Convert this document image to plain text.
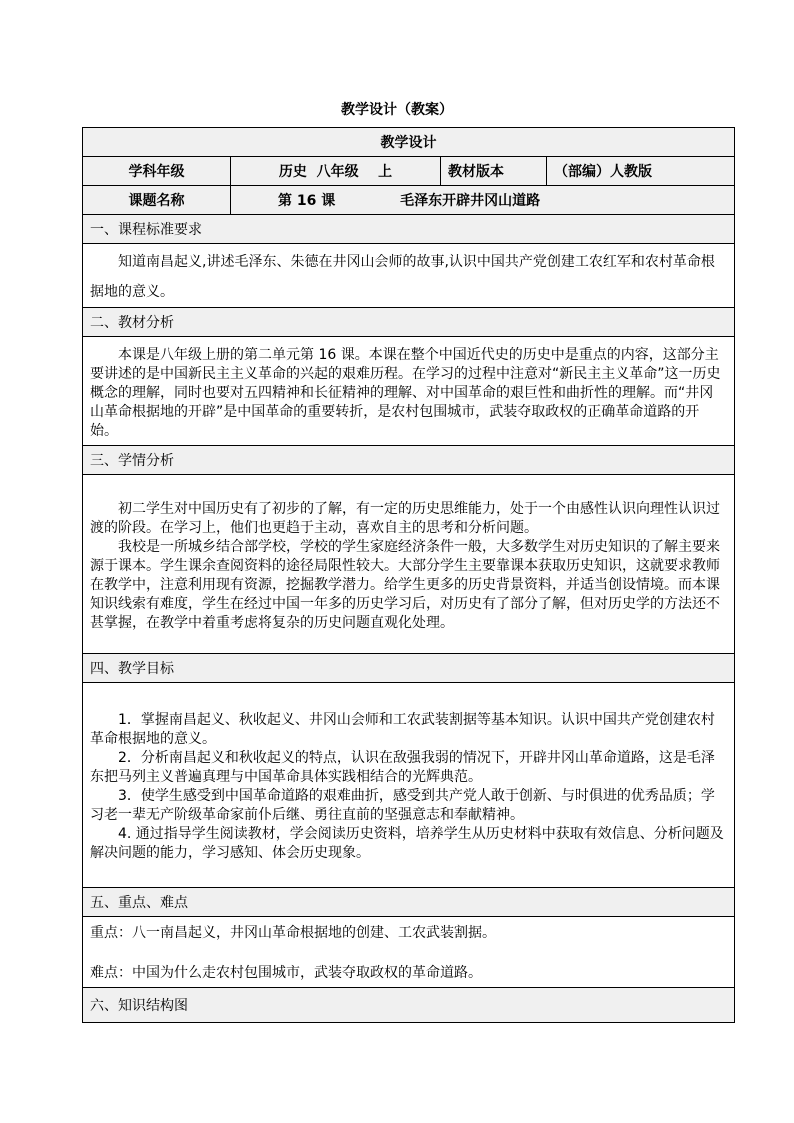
教学设计（教案）
教学设计			
学科年级	历史  八年级    上	教材版本	（部编）人教版
课题名称	第 16 课 毛泽东开辟井冈山道路		
一、课程标准要求			

知道南昌起义,讲述毛泽东、朱德在井冈山会师的故事,认识中国共产党创建工农红军和农村革命根据地的意义。			

二、教材分析			

本课是八年级上册的第二单元第 16 课。本课在整个中国近代史的历史中是重点的内容，这部分主要讲述的是中国新民主主义革命的兴起的艰难历程。在学习的过程中注意对“新民主主义革命”这一历史概念的理解，同时也要对五四精神和长征精神的理解、对中国革命的艰巨性和曲折性的理解。而“井冈山革命根据地的开辟”是中国革命的重要转折，是农村包围城市，武装夺取政权的正确革命道路的开始。			

三、学情分析			

初二学生对中国历史有了初步的了解，有一定的历史思维能力，处于一个由感性认识向理性认识过渡的阶段。在学习上，他们也更趋于主动，喜欢自主的思考和分析问题。

我校是一所城乡结合部学校，学校的学生家庭经济条件一般，大多数学生对历史知识的了解主要来源于课本。学生课余查阅资料的途径局限性较大。大部分学生主要靠课本获取历史知识，这就要求教师在教学中，注意利用现有资源，挖掘教学潜力。给学生更多的历史背景资料，并适当创设情境。而本课知识线索有难度，学生在经过中国一年多的历史学习后，对历史有了部分了解，但对历史学的方法还不甚掌握，在教学中着重考虑将复杂的历史问题直观化处理。			

四、教学目标			

1．掌握南昌起义、秋收起义、井冈山会师和工农武装割据等基本知识。认识中国共产党创建农村革命根据地的意义。

2．分析南昌起义和秋收起义的特点，认识在敌强我弱的情况下，开辟井冈山革命道路，这是毛泽东把马列主义普遍真理与中国革命具体实践相结合的光辉典范。

3．使学生感受到中国革命道路的艰难曲折，感受到共产党人敢于创新、与时俱进的优秀品质；学习老一辈无产阶级革命家前仆后继、勇往直前的坚强意志和奉献精神。

4. 通过指导学生阅读教材，学会阅读历史资料，培养学生从历史材料中获取有效信息、分析问题及解决问题的能力，学习感知、体会历史现象。			

五、重点、难点			

重点：八一南昌起义，井冈山革命根据地的创建、工农武装割据。

难点：中国为什么走农村包围城市，武装夺取政权的革命道路。			

六、知识结构图			
